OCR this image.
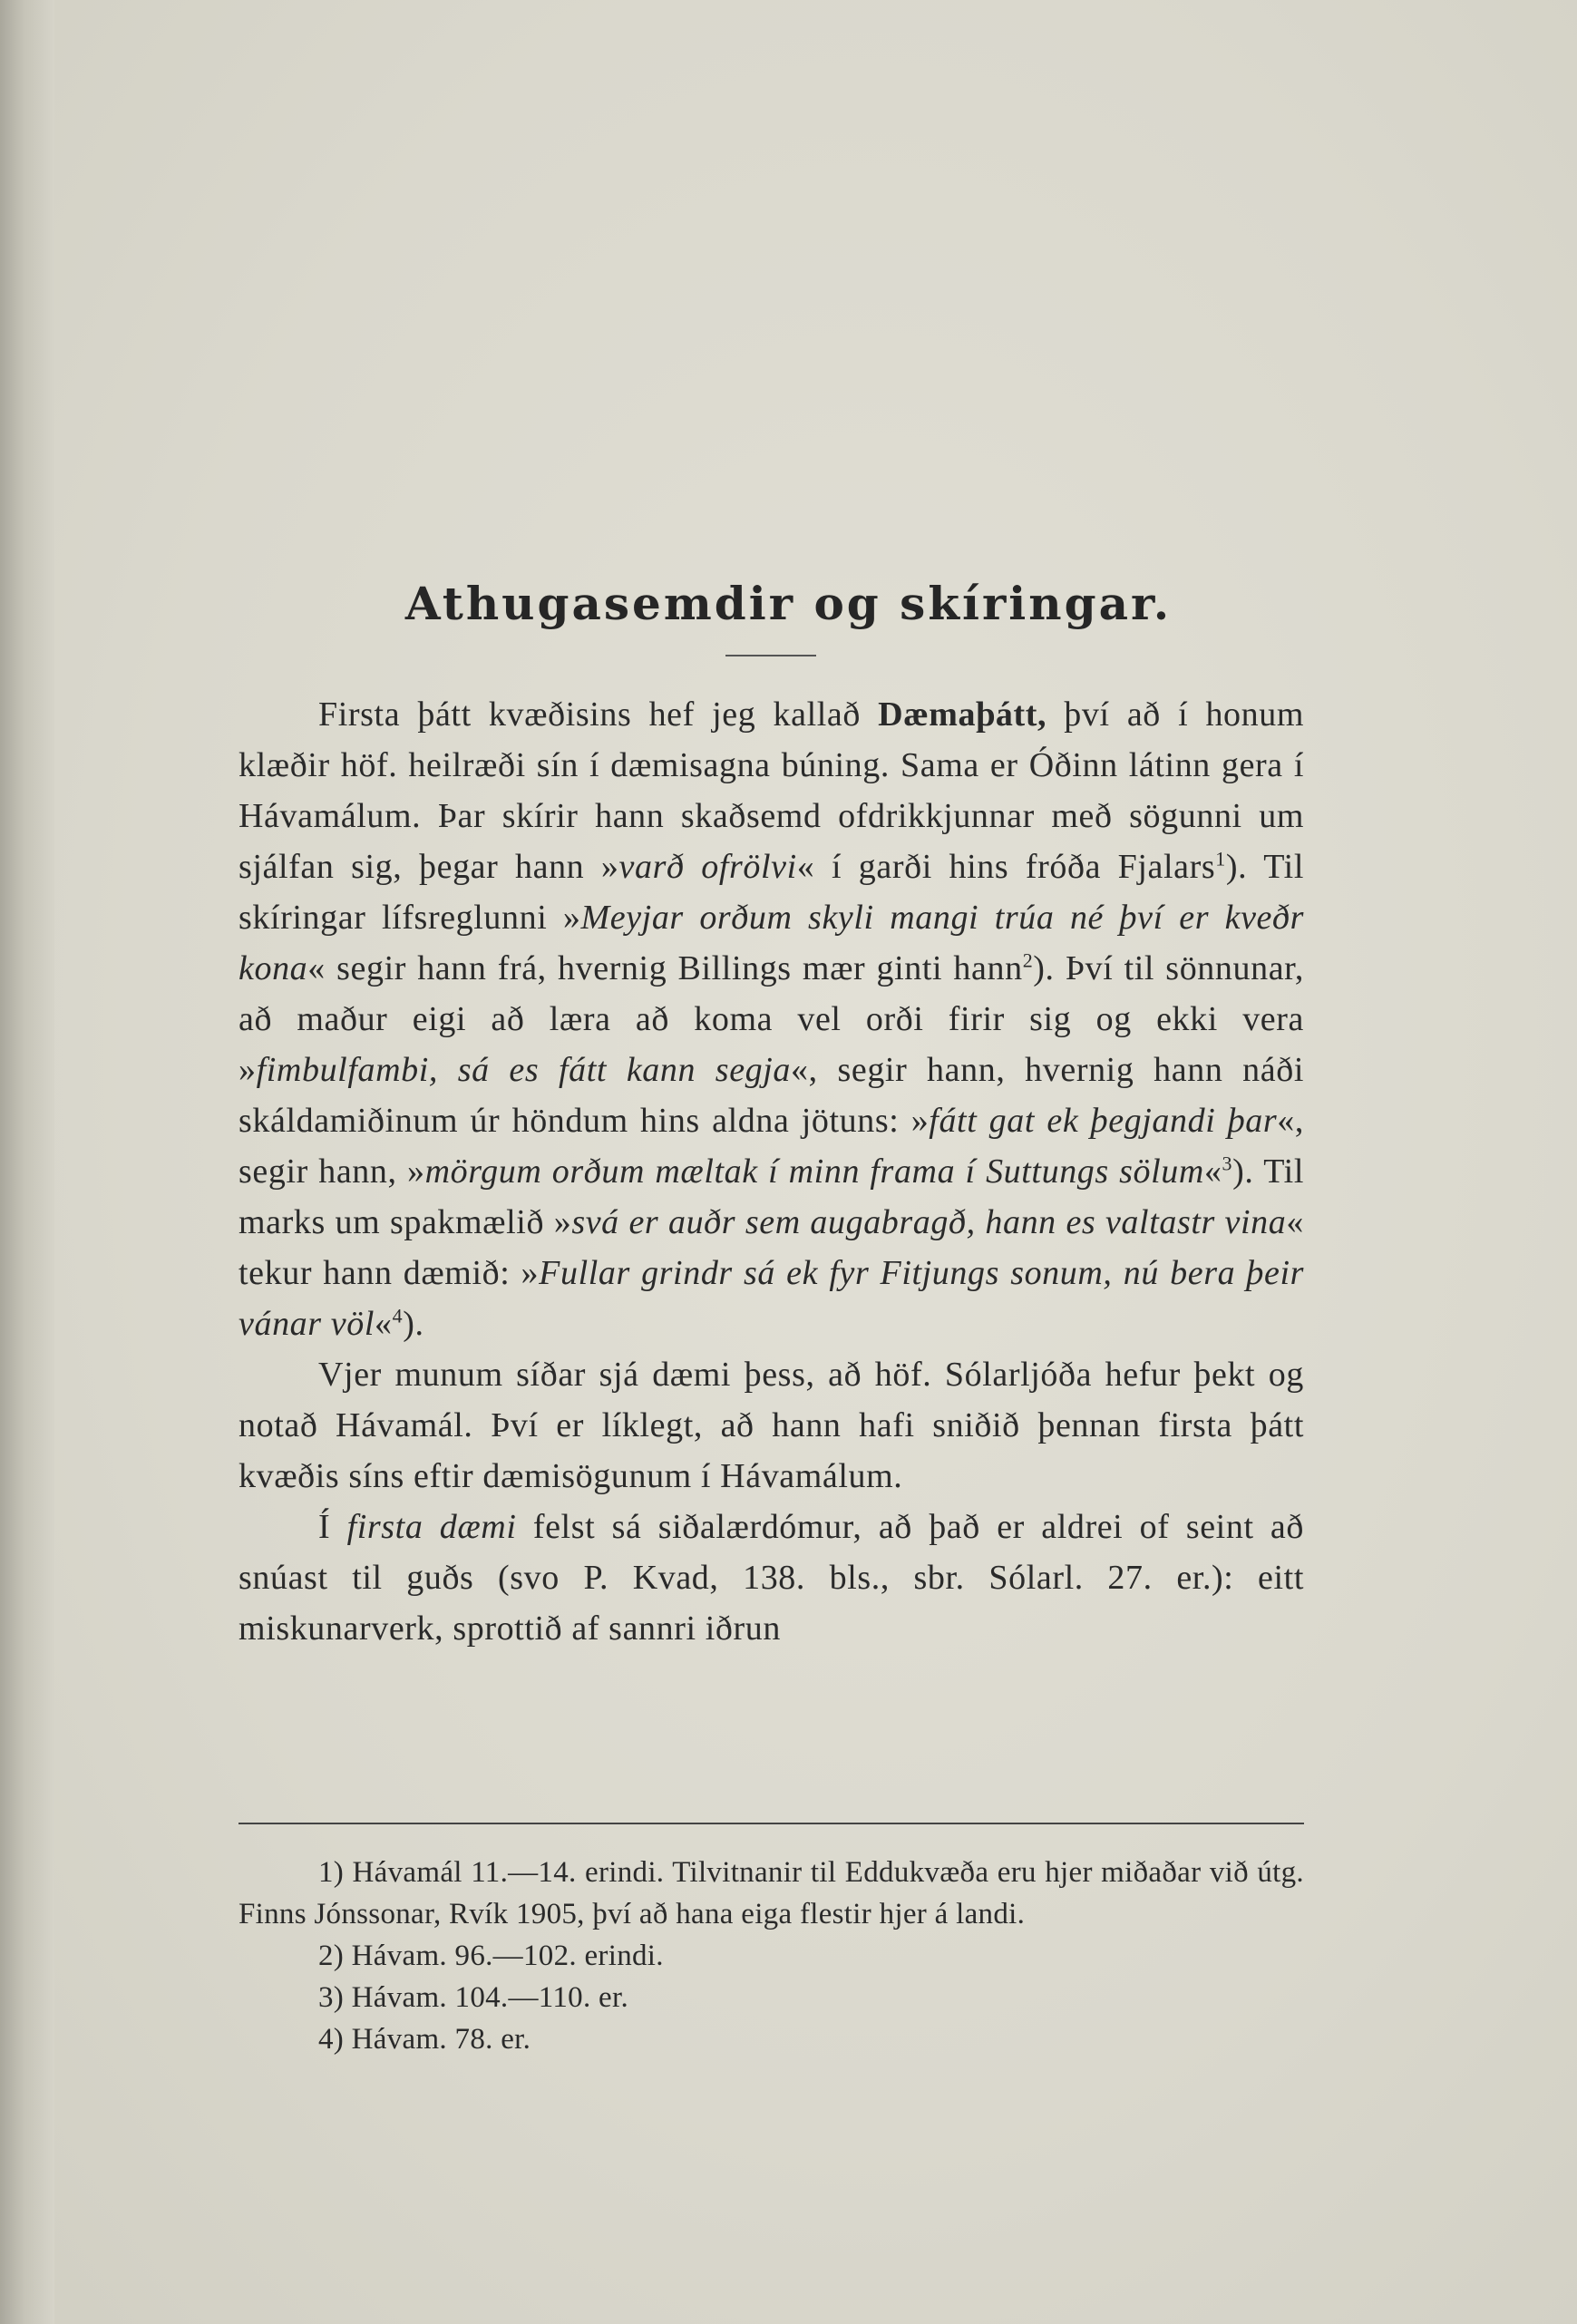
Athugasemdir og skíringar.

Firsta þátt kvæðisins hef jeg kallað Dæmaþátt, því að í honum klæðir höf. heilræði sín í dæmisagna búning. Sama er Óðinn látinn gera í Hávamálum. Þar skírir hann skaðsemd ofdrikkjunnar með sögunni um sjálfan sig, þegar hann »varð ofrölvi« í garði hins fróða Fjalars$^1$). Til skíringar lífsreglunni »Meyjar orðum skyli mangi trúa né því er kveðr kona« segir hann frá, hvernig Billings mær ginti hann$^2$). Því til sönnunar, að maður eigi að læra að koma vel orði firir sig og ekki vera »fimbulfambi, sá es fátt kann segja«, segir hann, hvernig hann náði skáldamiðinum úr höndum hins aldna jötuns: »fátt gat ek þegjandi þar«, segir hann, »mörgum orðum mæltak í minn frama í Suttungs sölum«$^3$). Til marks um spakmælið »svá er auðr sem augabragð, hann es valtastr vina« tekur hann dæmið: »Fullar grindr sá ek fyr Fitjungs sonum, nú bera þeir vánar völ«$^4$).

Vjer munum síðar sjá dæmi þess, að höf. Sólarljóða hefur þekt og notað Hávamál. Því er líklegt, að hann hafi sniðið þennan firsta þátt kvæðis síns eftir dæmisögunum í Hávamálum.

Í firsta dæmi felst sá siðalærdómur, að það er aldrei of seint að snúast til guðs (svo P. Kvad, 138. bls., sbr. Sólarl. 27. er.): eitt miskunarverk, sprottið af sannri iðrun

1) Hávamál 11.—14. erindi. Tilvitnanir til Eddukvæða eru hjer miðaðar við útg. Finns Jónssonar, Rvík 1905, því að hana eiga flestir hjer á landi.

2) Hávam. 96.—102. erindi.

3) Hávam. 104.—110. er.

4) Hávam. 78. er.
